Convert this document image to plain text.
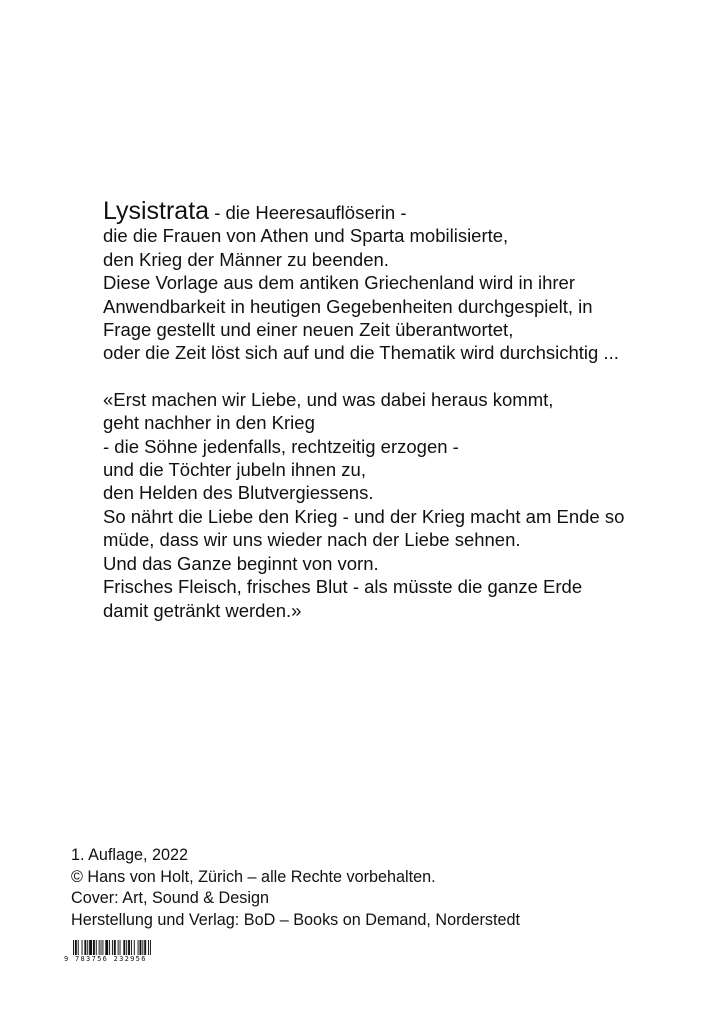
Lysistrata - die Heeresauflöserin -
die die Frauen von Athen und Sparta mobilisierte,
den Krieg der Männer zu beenden.
Diese Vorlage aus dem antiken Griechenland wird in ihrer
Anwendbarkeit in heutigen Gegebenheiten durchgespielt, in
Frage gestellt und einer neuen Zeit überantwortet,
oder die Zeit löst sich auf und die Thematik wird durchsichtig ...
«Erst machen wir Liebe, und was dabei heraus kommt,
geht nachher in den Krieg
- die Söhne jedenfalls, rechtzeitig erzogen -
und die Töchter jubeln ihnen zu,
den Helden des Blutvergiessens.
So nährt die Liebe den Krieg - und der Krieg macht am Ende so
müde, dass wir uns wieder nach der Liebe sehnen.
Und das Ganze beginnt von vorn.
Frisches Fleisch, frisches Blut - als müsste die ganze Erde
damit getränkt werden.»
1. Auflage, 2022
© Hans von Holt, Zürich – alle Rechte vorbehalten.
Cover: Art, Sound & Design
Herstellung und Verlag: BoD – Books on Demand, Norderstedt
9 783756 232956
